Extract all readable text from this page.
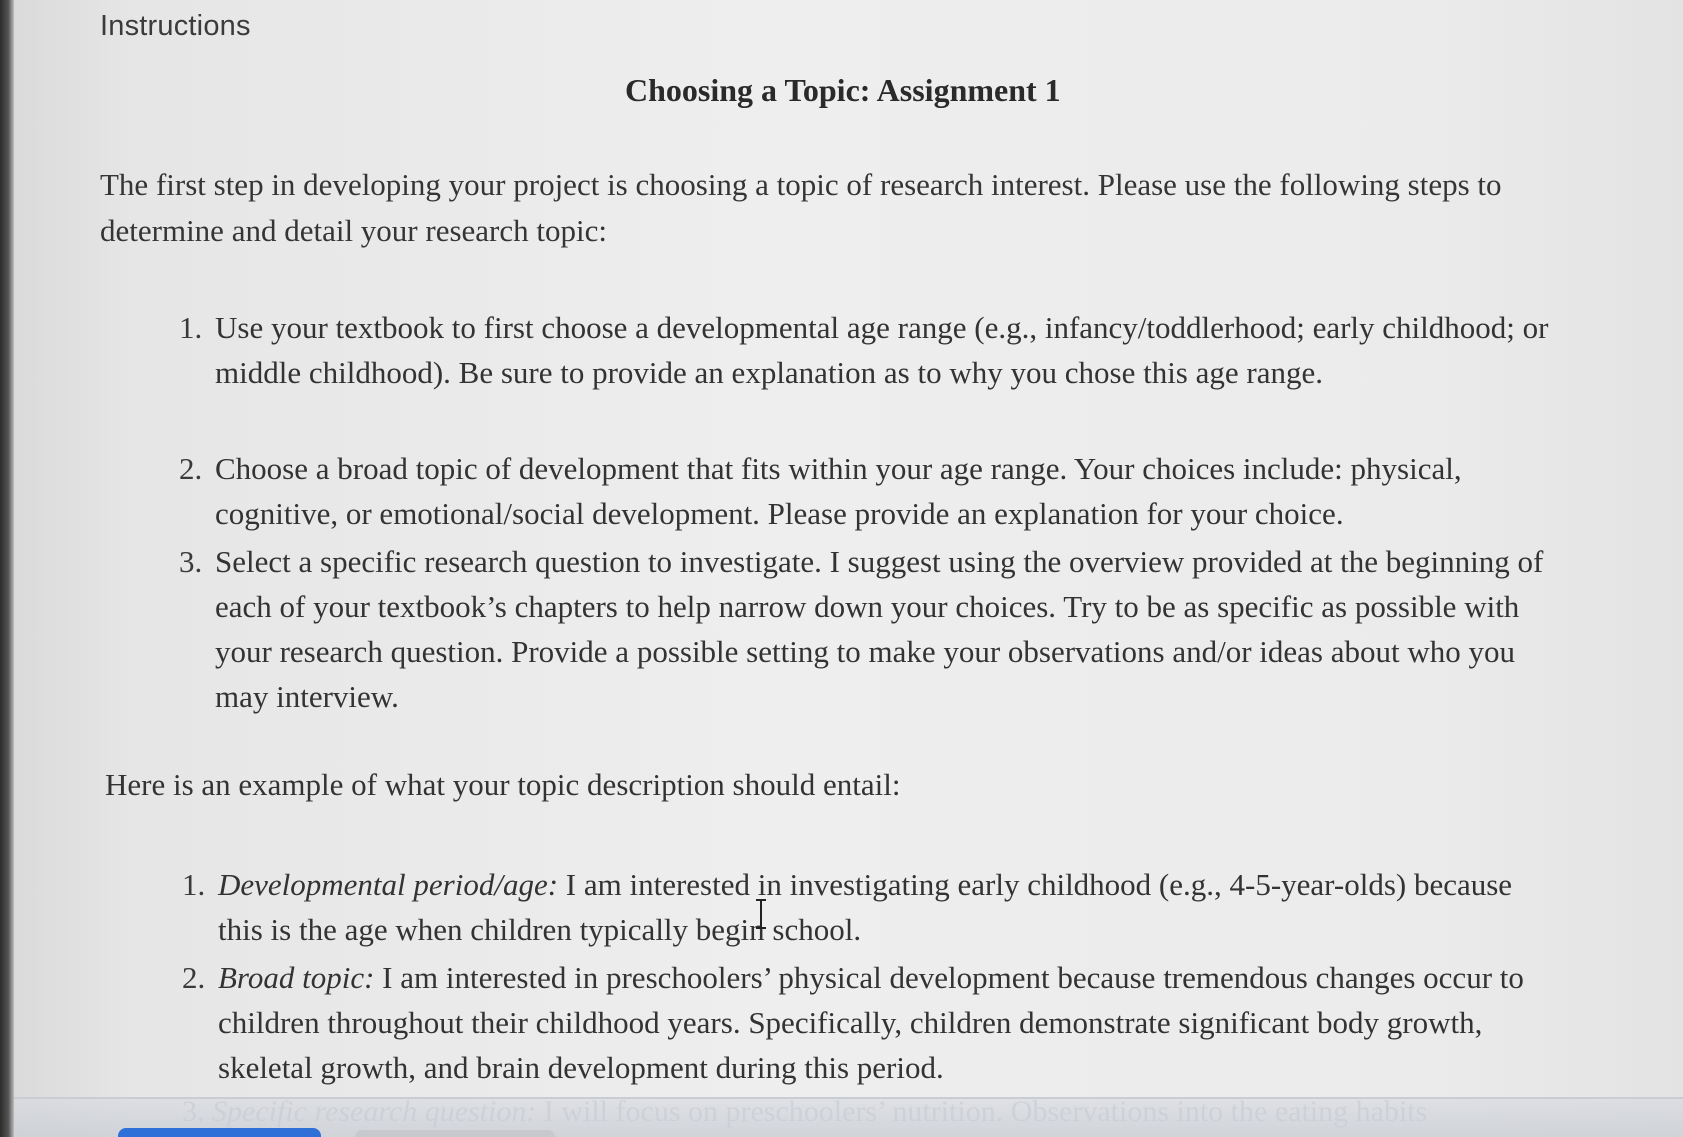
Instructions
Choosing a Topic: Assignment 1
The first step in developing your project is choosing a topic of research interest. Please use the following steps to determine and detail your research topic:
1. Use your textbook to first choose a developmental age range (e.g., infancy/toddlerhood; early childhood; or middle childhood). Be sure to provide an explanation as to why you chose this age range.
2. Choose a broad topic of development that fits within your age range. Your choices include: physical, cognitive, or emotional/social development. Please provide an explanation for your choice.
3. Select a specific research question to investigate. I suggest using the overview provided at the beginning of each of your textbook’s chapters to help narrow down your choices. Try to be as specific as possible with your research question. Provide a possible setting to make your observations and/or ideas about who you may interview.
Here is an example of what your topic description should entail:
1. Developmental period/age: I am interested in investigating early childhood (e.g., 4-5-year-olds) because this is the age when children typically begin school.
2. Broad topic: I am interested in preschoolers’ physical development because tremendous changes occur to children throughout their childhood years. Specifically, children demonstrate significant body growth, skeletal growth, and brain development during this period.
